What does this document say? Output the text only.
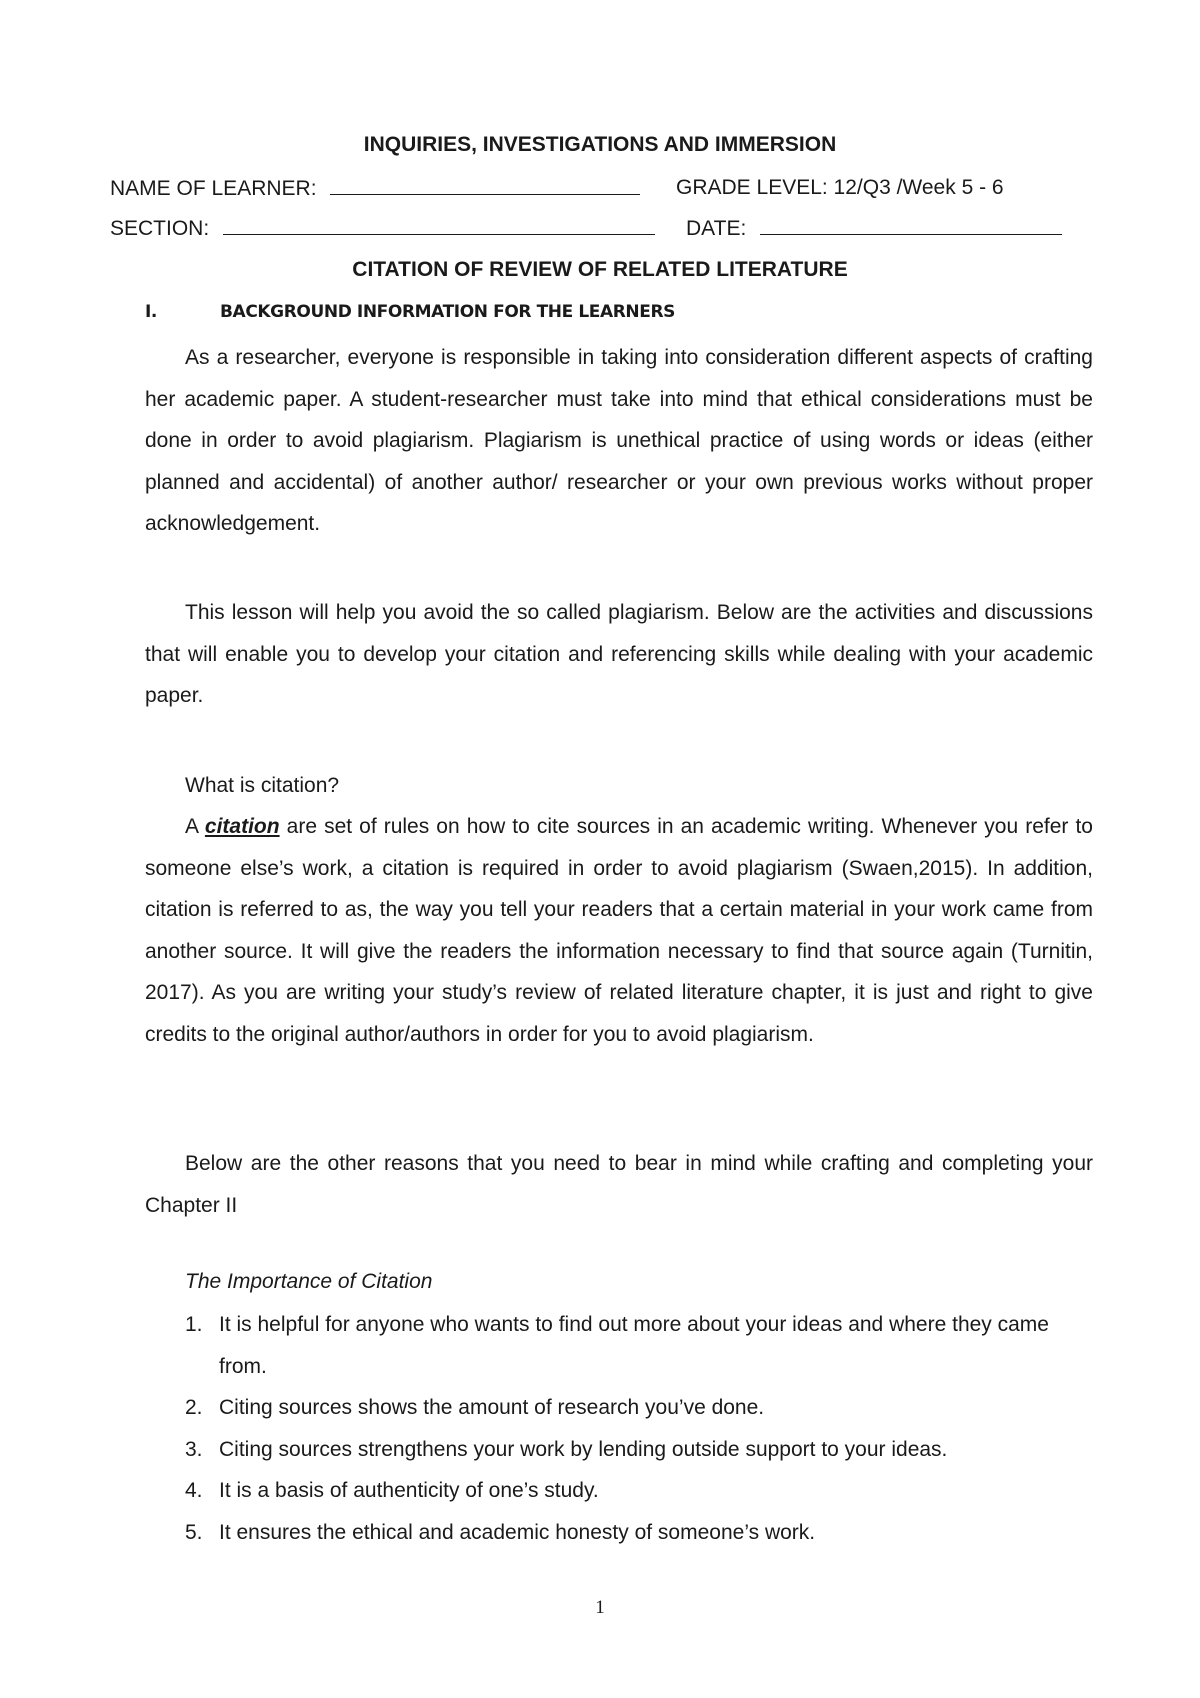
INQUIRIES, INVESTIGATIONS AND IMMERSION
NAME OF LEARNER:	GRADE LEVEL: 12/Q3 /Week 5 - 6
SECTION:	DATE:
CITATION OF REVIEW OF RELATED LITERATURE
I.	BACKGROUND INFORMATION FOR THE LEARNERS
As a researcher, everyone is responsible in taking into consideration different aspects of crafting her academic paper. A student-researcher must take into mind that ethical considerations must be done in order to avoid plagiarism. Plagiarism is unethical practice of using words or ideas (either planned and accidental) of another author/ researcher or your own previous works without proper acknowledgement.
This lesson will help you avoid the so called plagiarism. Below are the activities and discussions that will enable you to develop your citation and referencing skills while dealing with your academic paper.
What is citation?
A citation are set of rules on how to cite sources in an academic writing. Whenever you refer to someone else’s work, a citation is required in order to avoid plagiarism (Swaen,2015). In addition, citation is referred to as, the way you tell your readers that a certain material in your work came from another source. It will give the readers the information necessary to find that source again (Turnitin, 2017). As you are writing your study’s review of related literature chapter, it is just and right to give credits to the original author/authors in order for you to avoid plagiarism.
Below are the other reasons that you need to bear in mind while crafting and completing your Chapter II
The Importance of Citation
1. It is helpful for anyone who wants to find out more about your ideas and where they came from.
2. Citing sources shows the amount of research you’ve done.
3. Citing sources strengthens your work by lending outside support to your ideas.
4. It is a basis of authenticity of one’s study.
5. It ensures the ethical and academic honesty of someone’s work.
1
